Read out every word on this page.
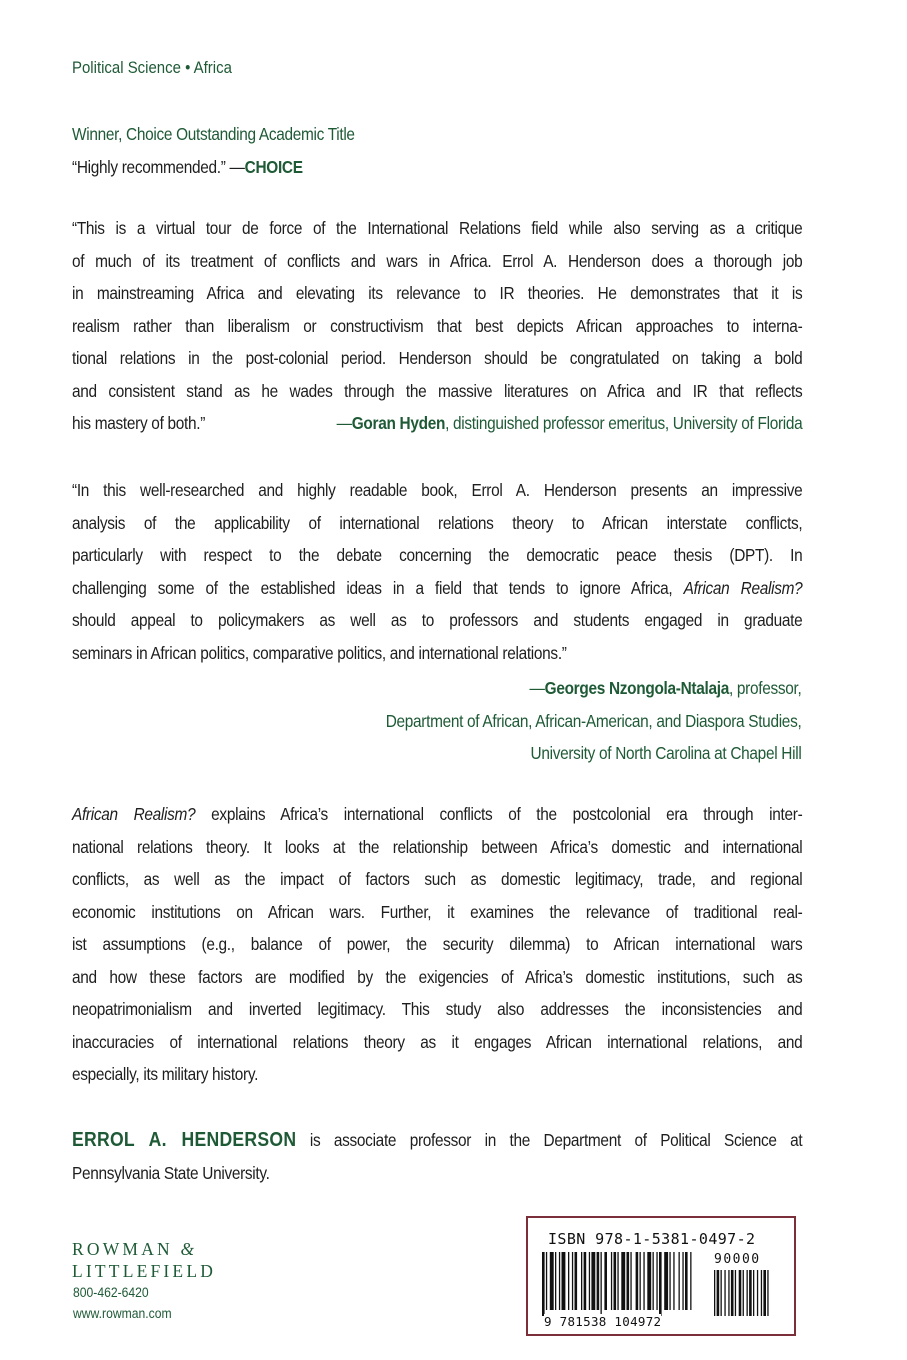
Political Science • Africa
Winner, Choice Outstanding Academic Title
“Highly recommended.” —CHOICE
“This is a virtual tour de force of the International Relations field while also serving as a critique
of much of its treatment of conflicts and wars in Africa. Errol A. Henderson does a thorough job
in mainstreaming Africa and elevating its relevance to IR theories. He demonstrates that it is
realism rather than liberalism or constructivism that best depicts African approaches to interna-
tional relations in the post-colonial period. Henderson should be congratulated on taking a bold
and consistent stand as he wades through the massive literatures on Africa and IR that reflects
his mastery of both.”	—Goran Hyden, distinguished professor emeritus, University of Florida
“In this well-researched and highly readable book, Errol A. Henderson presents an impressive
analysis of the applicability of international relations theory to African interstate conflicts,
particularly with respect to the debate concerning the democratic peace thesis (DPT). In
challenging some of the established ideas in a field that tends to ignore Africa, African Realism?
should appeal to policymakers as well as to professors and students engaged in graduate
seminars in African politics, comparative politics, and international relations.”
—Georges Nzongola-Ntalaja, professor,
Department of African, African-American, and Diaspora Studies,
University of North Carolina at Chapel Hill
African Realism? explains Africa’s international conflicts of the postcolonial era through inter-
national relations theory. It looks at the relationship between Africa’s domestic and international
conflicts, as well as the impact of factors such as domestic legitimacy, trade, and regional
economic institutions on African wars. Further, it examines the relevance of traditional real-
ist assumptions (e.g., balance of power, the security dilemma) to African international wars
and how these factors are modified by the exigencies of Africa’s domestic institutions, such as
neopatrimonialism and inverted legitimacy. This study also addresses the inconsistencies and
inaccuracies of international relations theory as it engages African international relations, and
especially, its military history.
ERROL A. HENDERSON is associate professor in the Department of Political Science at
Pennsylvania State University.
ROWMAN &
LITTLEFIELD
800-462-6420
www.rowman.com
ISBN 978-1-5381-0497-2
90000
9 781538 104972
